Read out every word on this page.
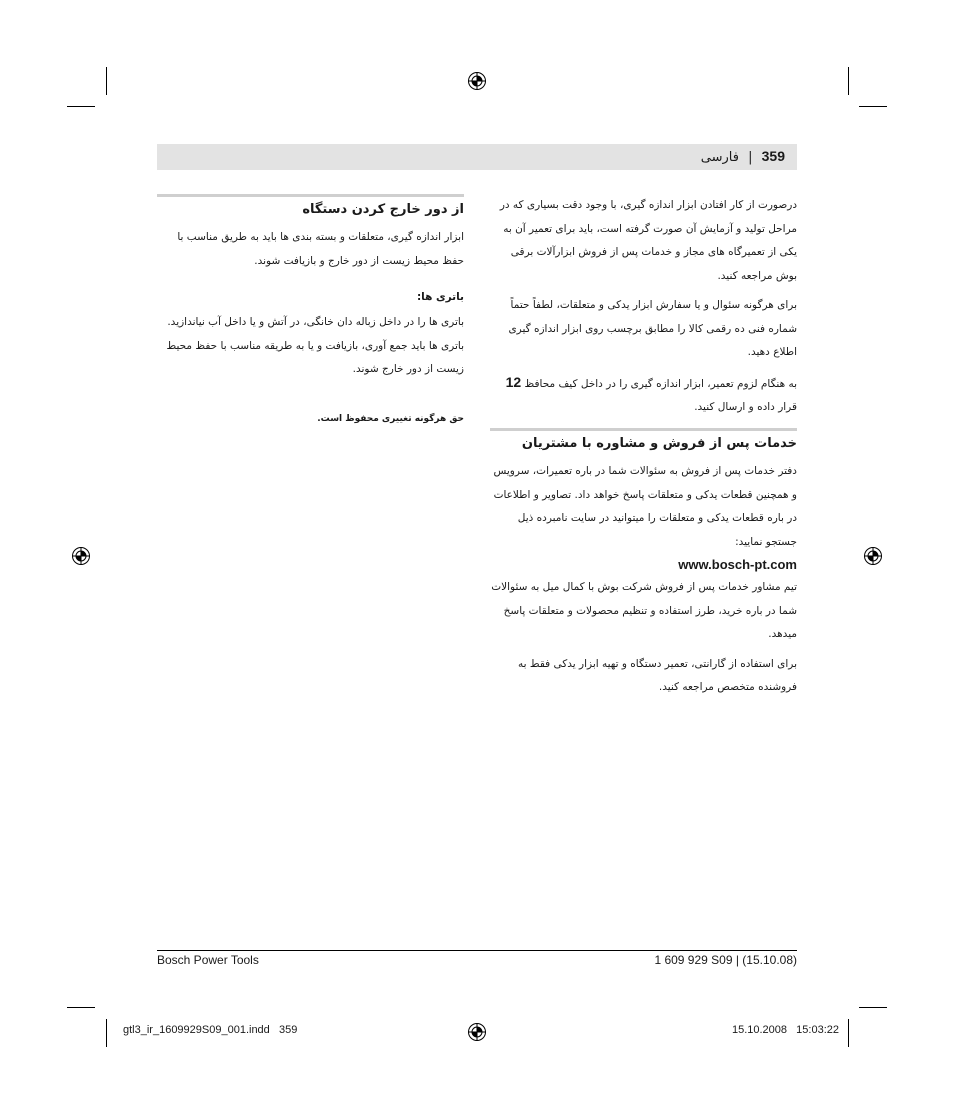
359 | فارسی

درصورت از کار افتادن ابزار اندازه گیری، با وجود دقت بسیاری که در مراحل تولید و آزمایش آن صورت گرفته است، باید برای تعمیر آن به یکی از تعمیرگاه های مجاز و خدمات پس از فروش ابزارآلات برقی بوش مراجعه کنید.

برای هرگونه سئوال و یا سفارش ابزار یدکی و متعلقات، لطفاً حتماً شماره فنی ده رقمی کالا را مطابق برچسب روی ابزار اندازه گیری اطلاع دهید.

به هنگام لزوم تعمیر، ابزار اندازه گیری را در داخل کیف محافظ 12 قرار داده و ارسال کنید.

خدمات پس از فروش و مشاوره با مشتریان

دفتر خدمات پس از فروش به سئوالات شما در باره تعمیرات، سرویس و همچنین قطعات یدکی و متعلقات پاسخ خواهد داد. تصاویر و اطلاعات در باره قطعات یدکی و متعلقات را میتوانید در سایت نامبرده ذیل جستجو نمایید:

www.bosch-pt.com

تیم مشاور خدمات پس از فروش شرکت بوش با کمال میل به سئوالات شما در باره خرید، طرز استفاده و تنظیم محصولات و متعلقات پاسخ میدهد.

برای استفاده از گارانتی، تعمیر دستگاه و تهیه ابزار یدکی فقط به فروشنده متخصص مراجعه کنید.

از دور خارج کردن دستگاه

ابزار اندازه گیری، متعلقات و بسته بندی ها باید به طریق مناسب با حفظ محیط زیست از دور خارج و بازیافت شوند.

باتری ها:

باتری ها را در داخل زباله دان خانگی، در آتش و یا داخل آب نیاندازید. باتری ها باید جمع آوری، بازیافت و یا به طریقه مناسب با حفظ محیط زیست از دور خارج شوند.

حق هرگونه تغییری محفوظ است.
Bosch Power Tools	1 609 929 S09 | (15.10.08)
gtl3_ir_1609929S09_001.indd   359	15.10.2008   15:03:22
